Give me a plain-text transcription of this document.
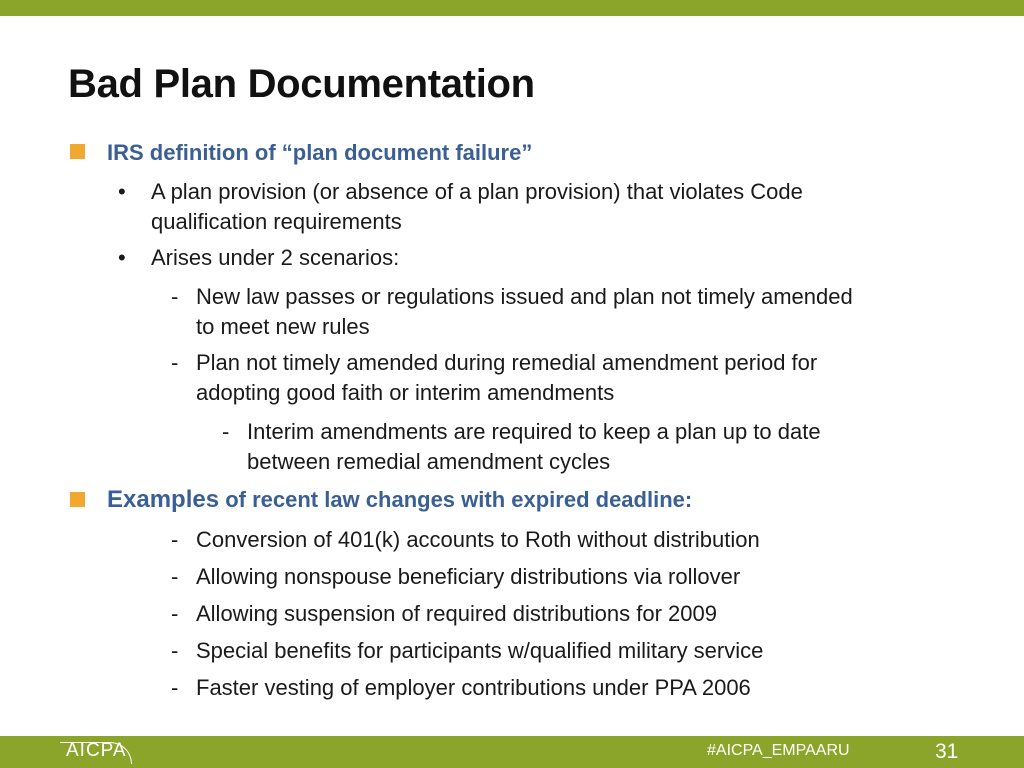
Bad Plan Documentation
IRS definition of “plan document failure”
• A plan provision (or absence of a plan provision) that violates Code
qualification requirements
• Arises under 2 scenarios:
- New law passes or regulations issued and plan not timely amended
to meet new rules
- Plan not timely amended during remedial amendment period for
adopting good faith or interim amendments
- Interim amendments are required to keep a plan up to date
between remedial amendment cycles
Examples of recent law changes with expired deadline:
- Conversion of 401(k) accounts to Roth without distribution
- Allowing nonspouse beneficiary distributions via rollover
- Allowing suspension of required distributions for 2009
- Special benefits for participants w/qualified military service
- Faster vesting of employer contributions under PPA 2006
AICPA	#AICPA_EMPAARU	31
